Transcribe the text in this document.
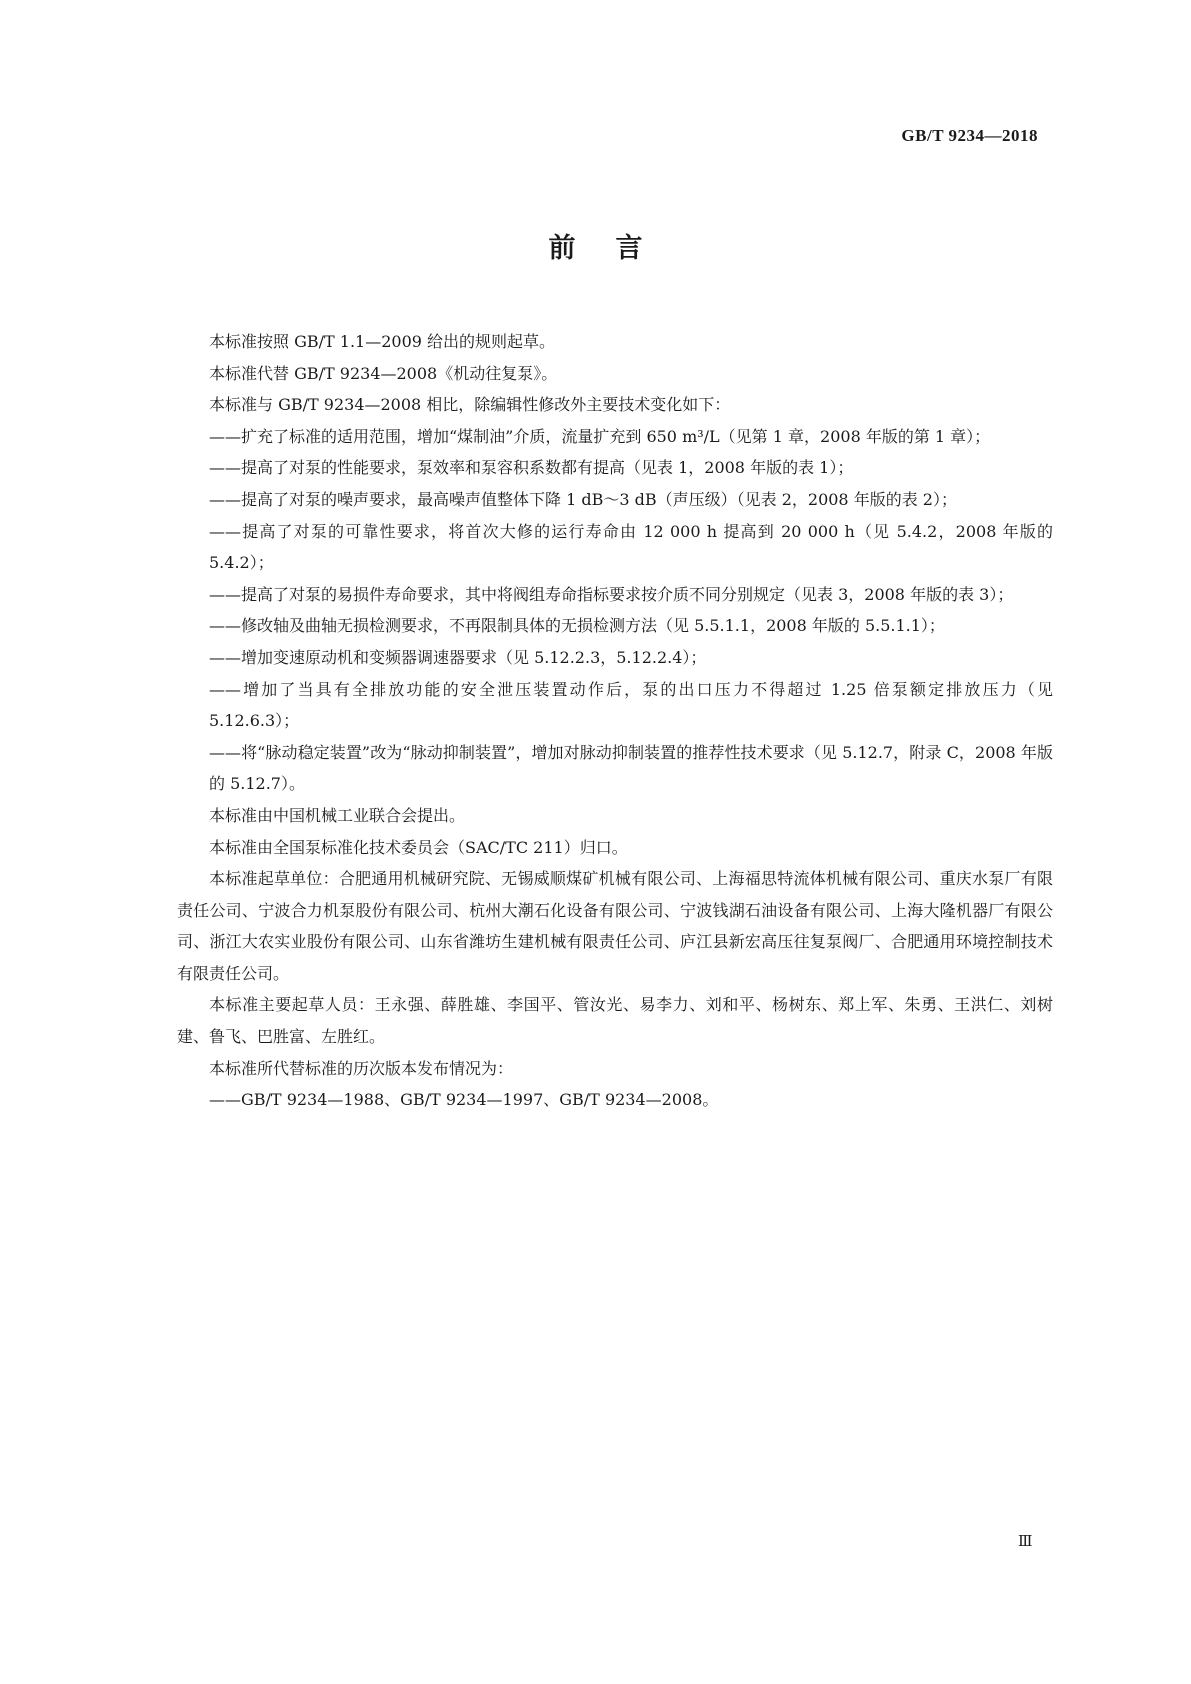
GB/T 9234—2018
前言

本标准按照 GB/T 1.1—2009 给出的规则起草。

本标准代替 GB/T 9234—2008《机动往复泵》。

本标准与 GB/T 9234—2008 相比，除编辑性修改外主要技术变化如下：

——扩充了标准的适用范围，增加“煤制油”介质，流量扩充到 650 m³/L（见第 1 章，2008 年版的第 1 章）；

——提高了对泵的性能要求，泵效率和泵容积系数都有提高（见表 1，2008 年版的表 1）；

——提高了对泵的噪声要求，最高噪声值整体下降 1 dB～3 dB（声压级）（见表 2，2008 年版的表 2）；

——提高了对泵的可靠性要求，将首次大修的运行寿命由 12 000 h 提高到 20 000 h（见 5.4.2，2008 年版的 5.4.2）；

——提高了对泵的易损件寿命要求，其中将阀组寿命指标要求按介质不同分别规定（见表 3，2008 年版的表 3）；

——修改轴及曲轴无损检测要求，不再限制具体的无损检测方法（见 5.5.1.1，2008 年版的 5.5.1.1）；

——增加变速原动机和变频器调速器要求（见 5.12.2.3，5.12.2.4）；

——增加了当具有全排放功能的安全泄压装置动作后，泵的出口压力不得超过 1.25 倍泵额定排放压力（见 5.12.6.3）；

——将“脉动稳定装置”改为“脉动抑制装置”，增加对脉动抑制装置的推荐性技术要求（见 5.12.7，附录 C，2008 年版的 5.12.7）。

本标准由中国机械工业联合会提出。

本标准由全国泵标准化技术委员会（SAC/TC 211）归口。

本标准起草单位：合肥通用机械研究院、无锡威顺煤矿机械有限公司、上海福思特流体机械有限公司、重庆水泵厂有限责任公司、宁波合力机泵股份有限公司、杭州大潮石化设备有限公司、宁波钱湖石油设备有限公司、上海大隆机器厂有限公司、浙江大农实业股份有限公司、山东省潍坊生建机械有限责任公司、庐江县新宏高压往复泵阀厂、合肥通用环境控制技术有限责任公司。

本标准主要起草人员：王永强、薛胜雄、李国平、管汝光、易李力、刘和平、杨树东、郑上军、朱勇、王洪仁、刘树建、鲁飞、巴胜富、左胜红。

本标准所代替标准的历次版本发布情况为：

——GB/T 9234—1988、GB/T 9234—1997、GB/T 9234—2008。

Ⅲ
